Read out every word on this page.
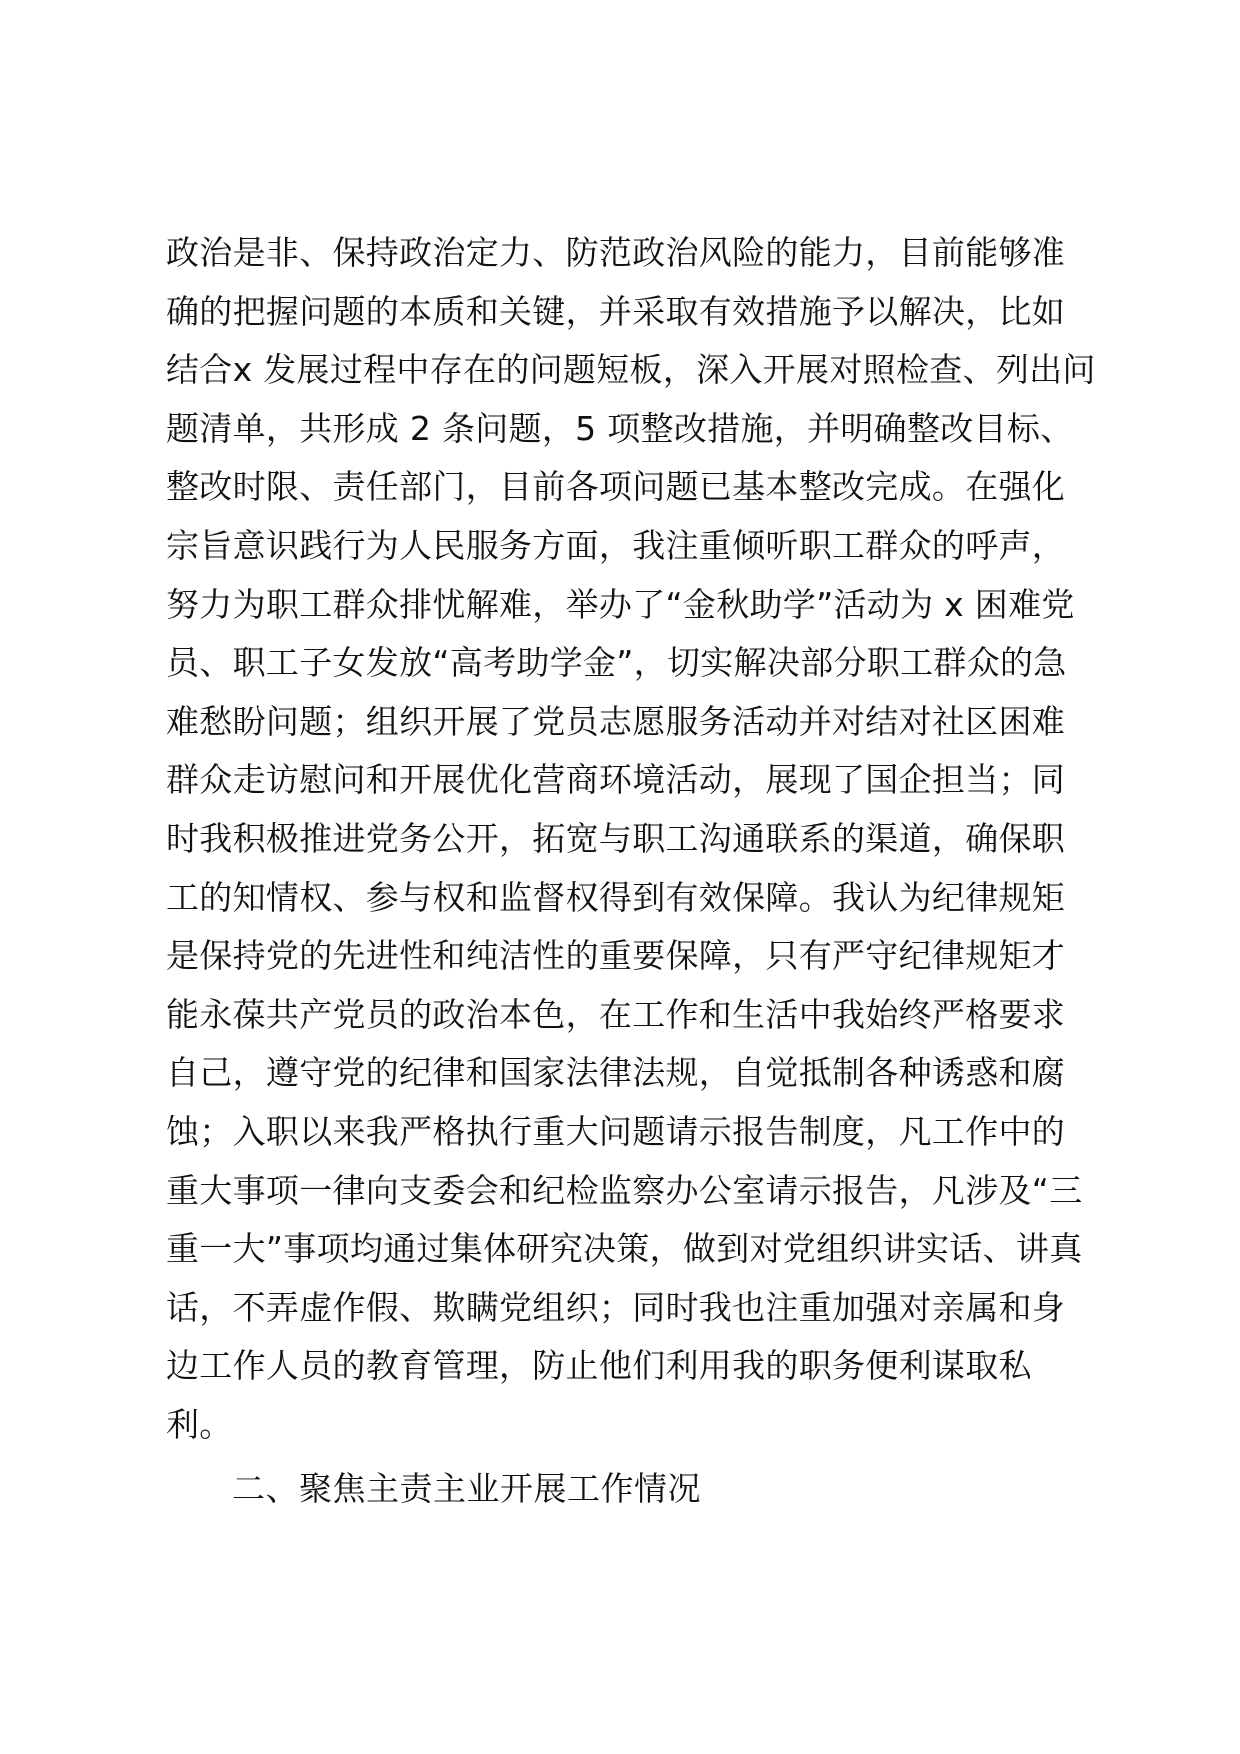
政治是非、保持政治定力、防范政治风险的能力，目前能够准
确的把握问题的本质和关键，并采取有效措施予以解决，比如
结合x 发展过程中存在的问题短板，深入开展对照检查、列出问
题清单，共形成 2 条问题，5 项整改措施，并明确整改目标、
整改时限、责任部门，目前各项问题已基本整改完成。在强化
宗旨意识践行为人民服务方面，我注重倾听职工群众的呼声，
努力为职工群众排忧解难，举办了“金秋助学”活动为 x 困难党
员、职工子女发放“高考助学金”，切实解决部分职工群众的急
难愁盼问题；组织开展了党员志愿服务活动并对结对社区困难
群众走访慰问和开展优化营商环境活动，展现了国企担当；同
时我积极推进党务公开，拓宽与职工沟通联系的渠道，确保职
工的知情权、参与权和监督权得到有效保障。我认为纪律规矩
是保持党的先进性和纯洁性的重要保障，只有严守纪律规矩才
能永葆共产党员的政治本色，在工作和生活中我始终严格要求
自己，遵守党的纪律和国家法律法规，自觉抵制各种诱惑和腐
蚀；入职以来我严格执行重大问题请示报告制度，凡工作中的
重大事项一律向支委会和纪检监察办公室请示报告，凡涉及“三
重一大”事项均通过集体研究决策，做到对党组织讲实话、讲真
话，不弄虚作假、欺瞒党组织；同时我也注重加强对亲属和身
边工作人员的教育管理，防止他们利用我的职务便利谋取私
利。
二、聚焦主责主业开展工作情况
